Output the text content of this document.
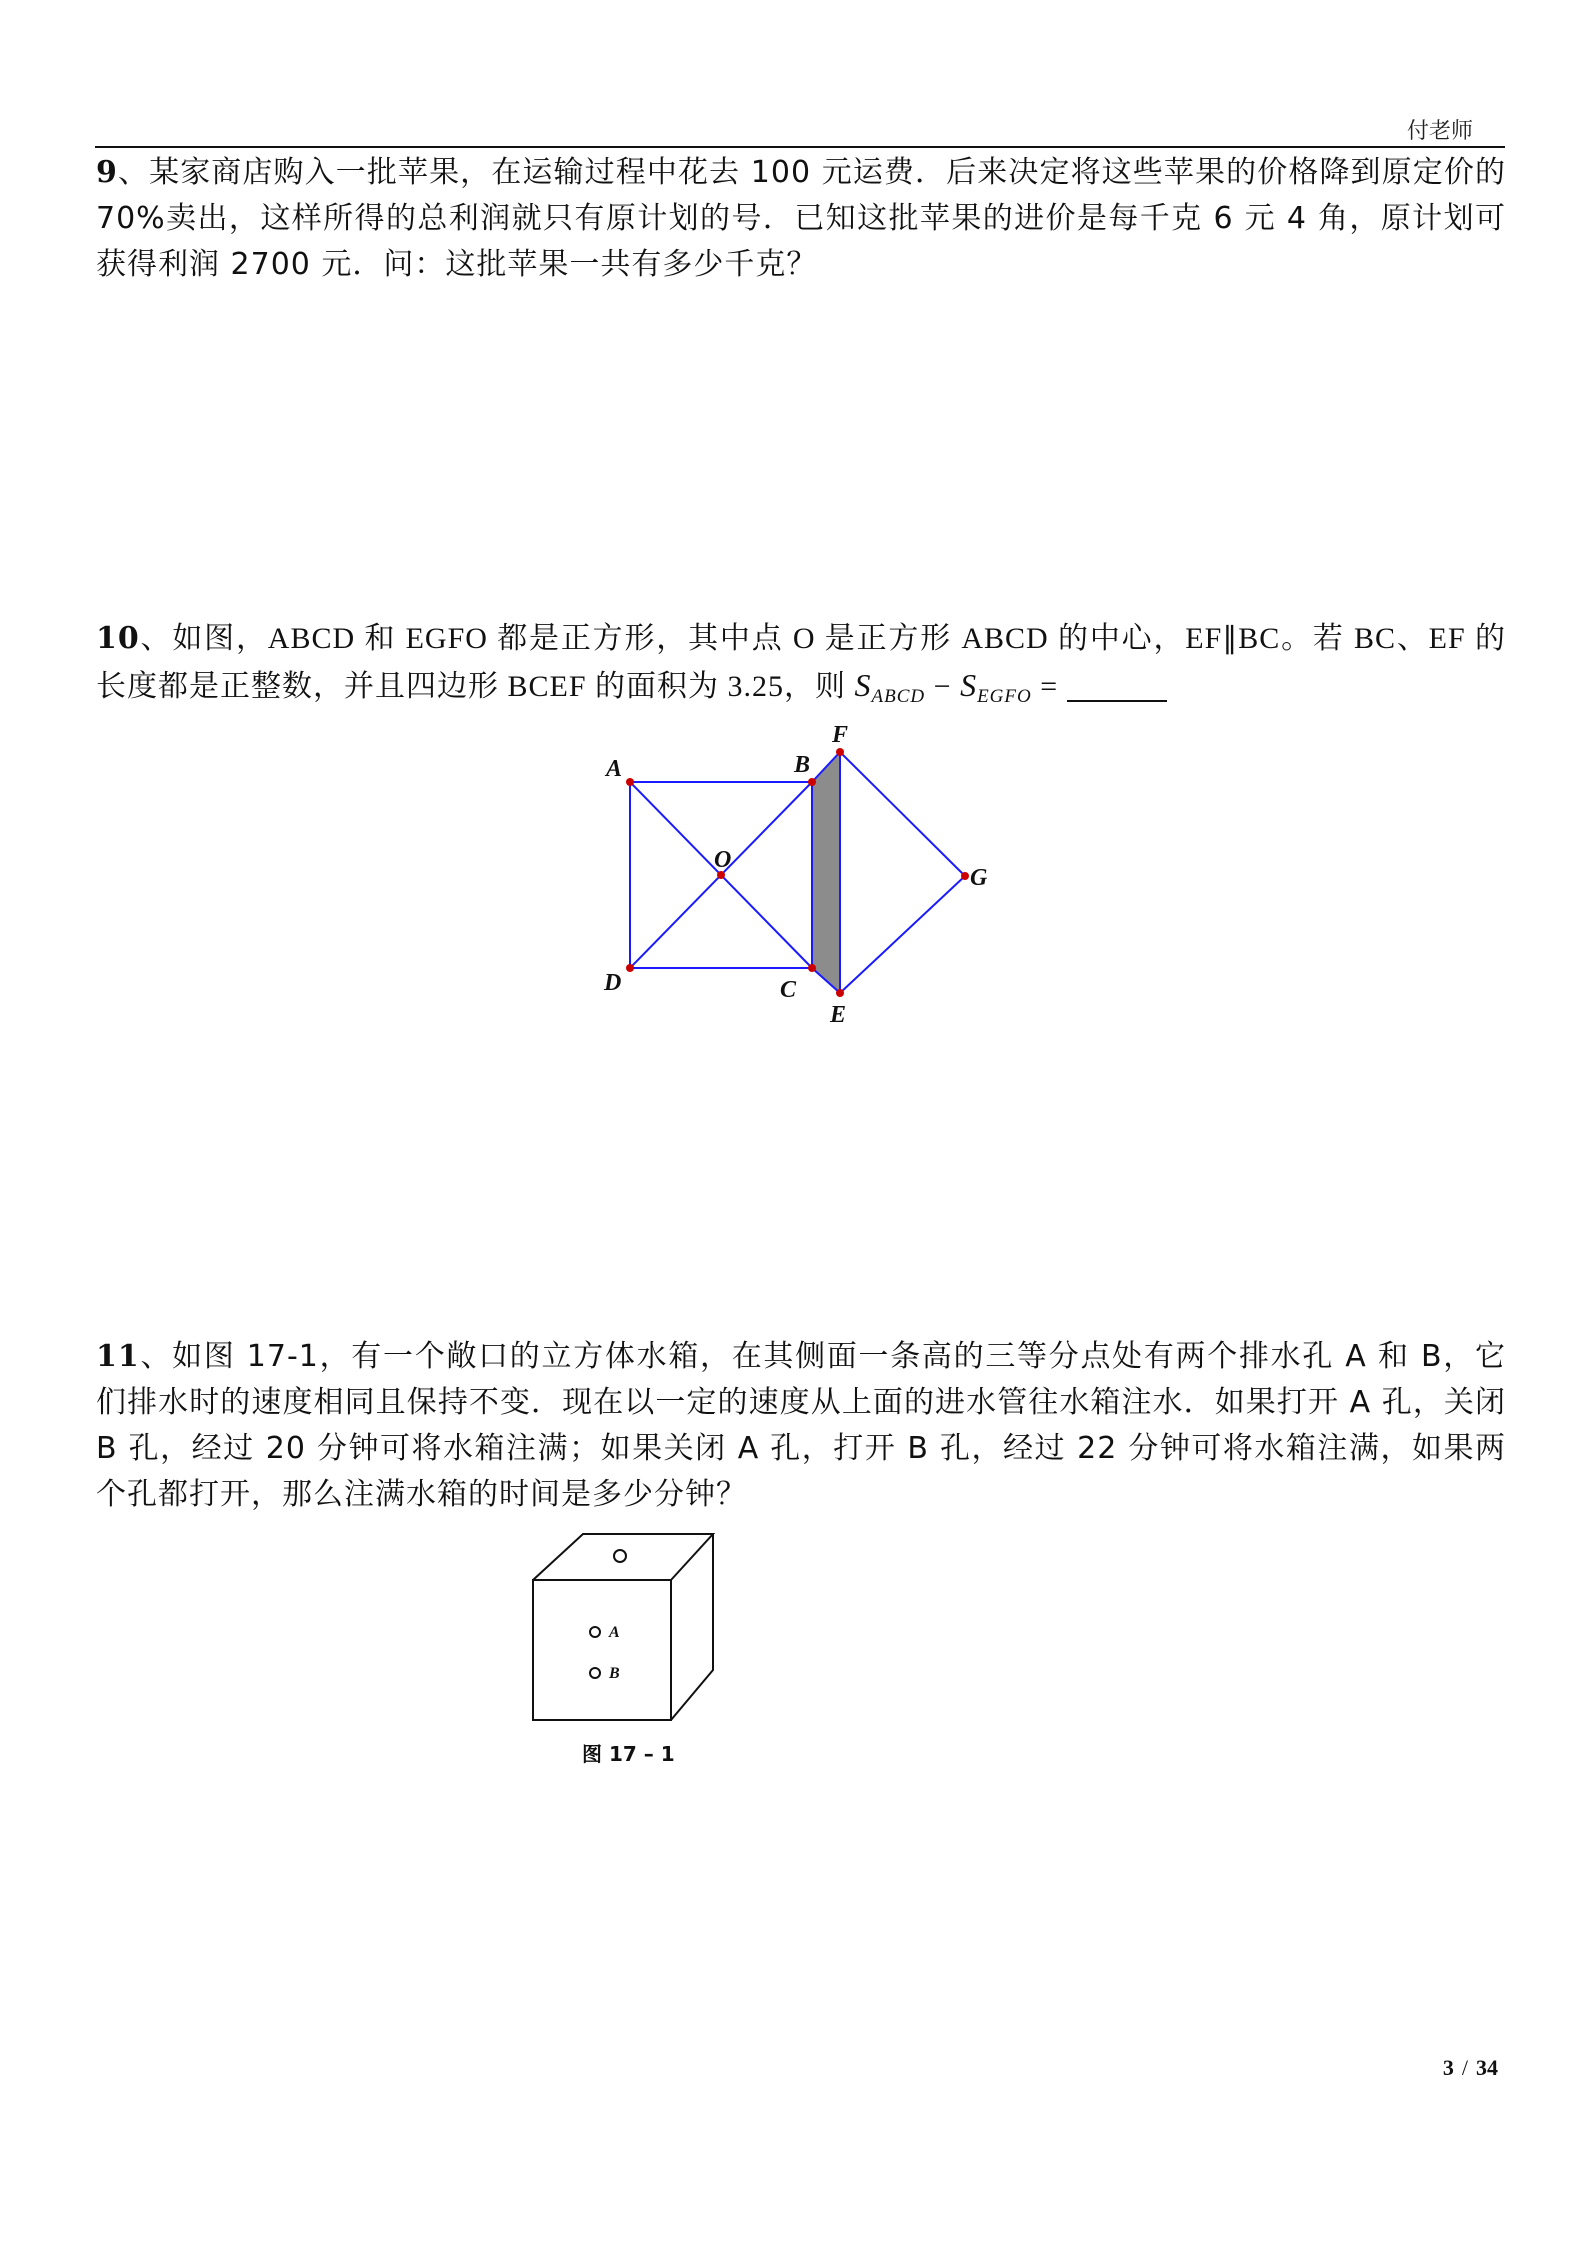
付老师
9、某家商店购入一批苹果，在运输过程中花去 100 元运费．后来决定将这些苹果的价格降到原定价的 70%卖出，这样所得的总利润就只有原计划的号．已知这批苹果的进价是每千克 6 元 4 角，原计划可获得利润 2700 元．问：这批苹果一共有多少千克？
10、如图，ABCD 和 EGFO 都是正方形，其中点 O 是正方形 ABCD 的中心，EF∥BC。若 BC、EF 的长度都是正整数，并且四边形 BCEF 的面积为 3.25，则 $S_{ABCD} - S_{EGFO}$ =
A	B
F
O
G
D	C
E
11、如图 17-1，有一个敞口的立方体水箱，在其侧面一条高的三等分点处有两个排水孔 A 和 B，它们排水时的速度相同且保持不变．现在以一定的速度从上面的进水管往水箱注水．如果打开 A 孔，关闭 B 孔，经过 20 分钟可将水箱注满；如果关闭 A 孔，打开 B 孔，经过 22 分钟可将水箱注满，如果两个孔都打开，那么注满水箱的时间是多少分钟？
A
B
图 17 – 1
3 / 34
